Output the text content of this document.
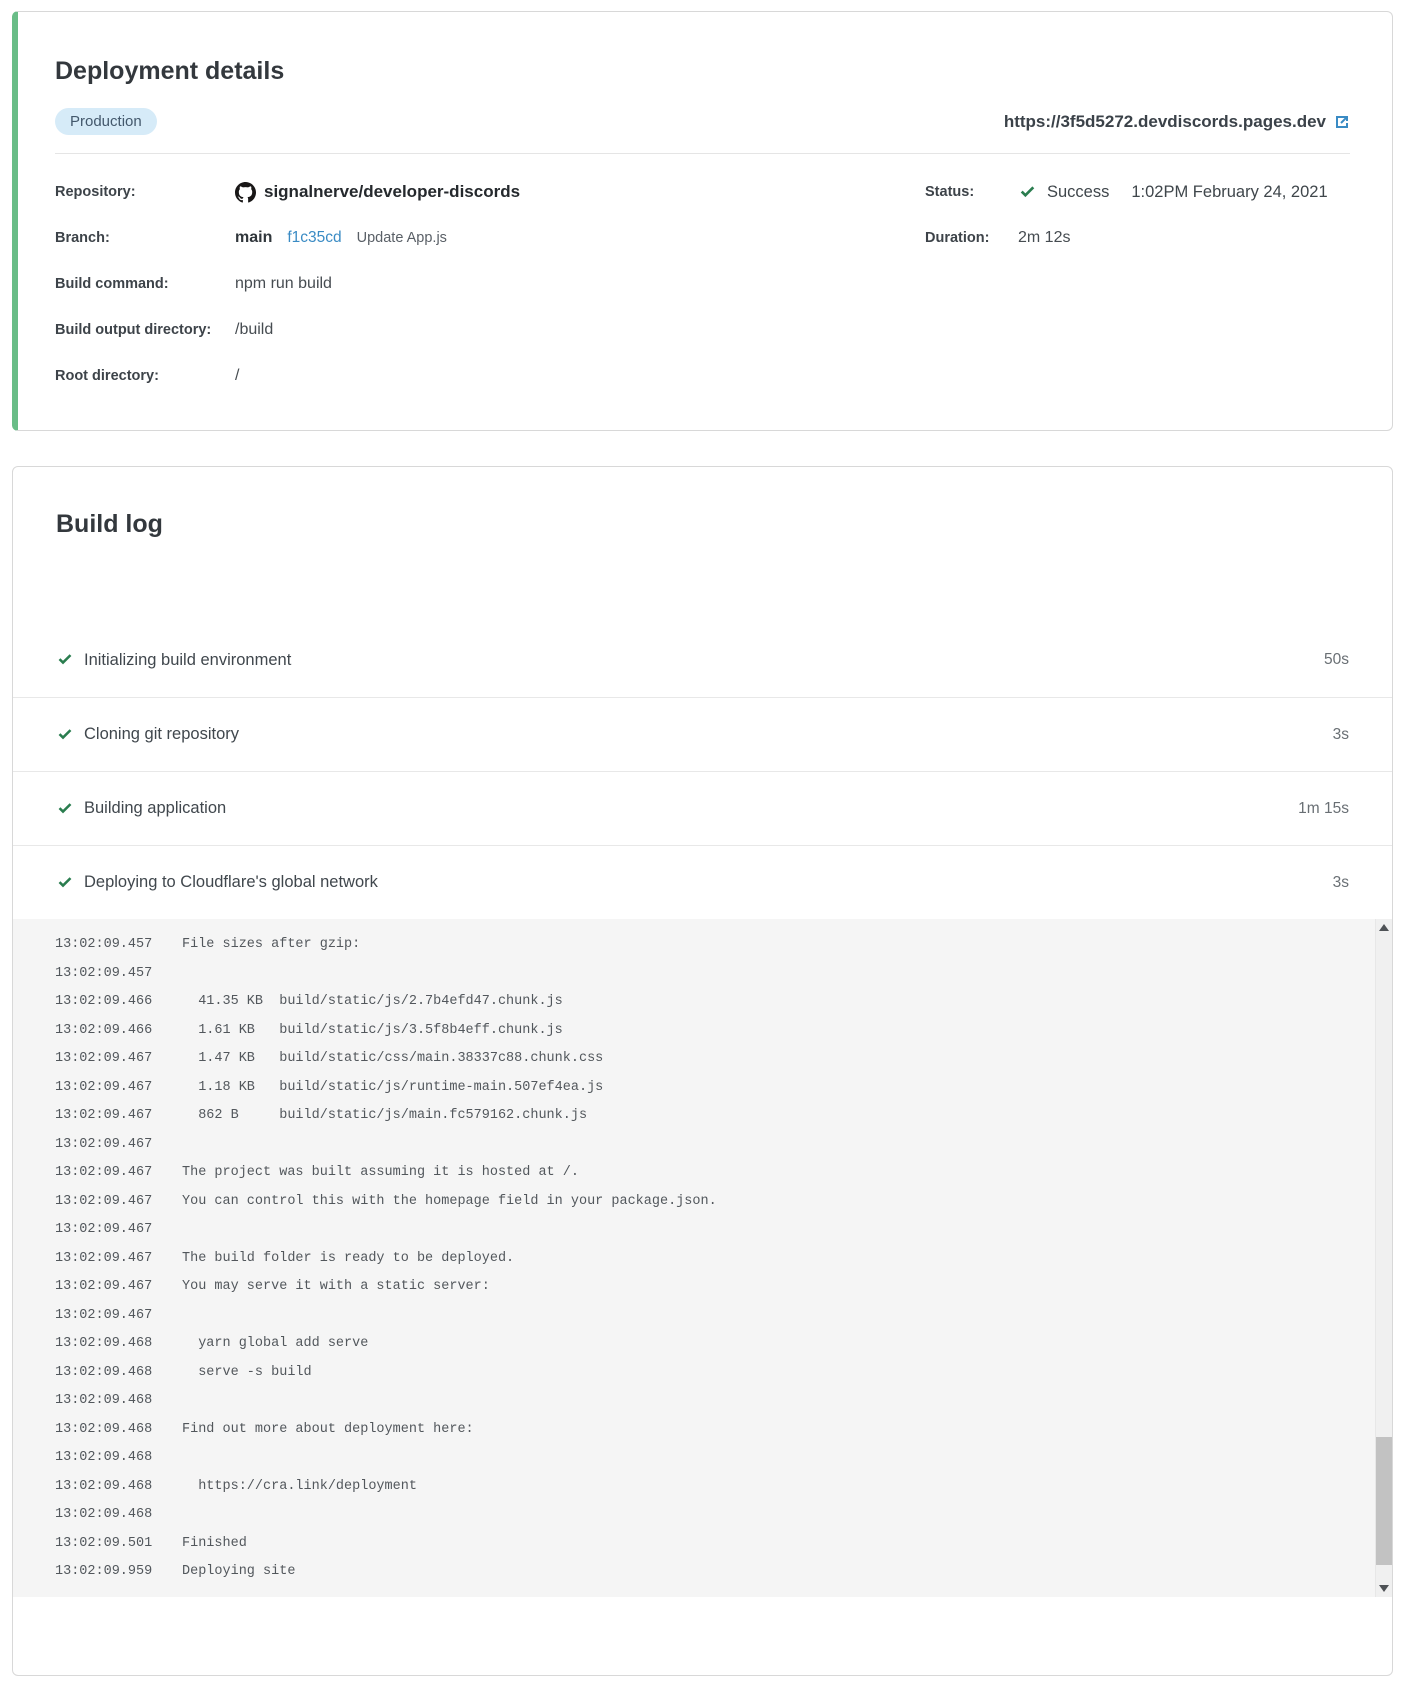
Deployment details
Production	https://3f5d5272.devdiscords.pages.dev
Repository:	signalnerve/developer-discords
Branch:	main f1c35cd Update App.js
Build command:	npm run build
Build output directory:	/build
Root directory:	/
Status:	Success 1:02PM February 24, 2021
Duration:	2m 12s
Build log
Initializing build environment	50s
Cloning git repository	3s
Building application	1m 15s
Deploying to Cloudflare's global network	3s
13:02:09.457 File sizes after gzip:
13:02:09.457
13:02:09.466  41.35 KB  build/static/js/2.7b4efd47.chunk.js
13:02:09.466  1.61 KB   build/static/js/3.5f8b4eff.chunk.js
13:02:09.467  1.47 KB   build/static/css/main.38337c88.chunk.css
13:02:09.467  1.18 KB   build/static/js/runtime-main.507ef4ea.js
13:02:09.467  862 B     build/static/js/main.fc579162.chunk.js
13:02:09.467
13:02:09.467 The project was built assuming it is hosted at /.
13:02:09.467 You can control this with the homepage field in your package.json.
13:02:09.467
13:02:09.467 The build folder is ready to be deployed.
13:02:09.467 You may serve it with a static server:
13:02:09.467
13:02:09.468  yarn global add serve
13:02:09.468  serve -s build
13:02:09.468
13:02:09.468 Find out more about deployment here:
13:02:09.468
13:02:09.468  https://cra.link/deployment
13:02:09.468
13:02:09.501 Finished
13:02:09.959 Deploying site
